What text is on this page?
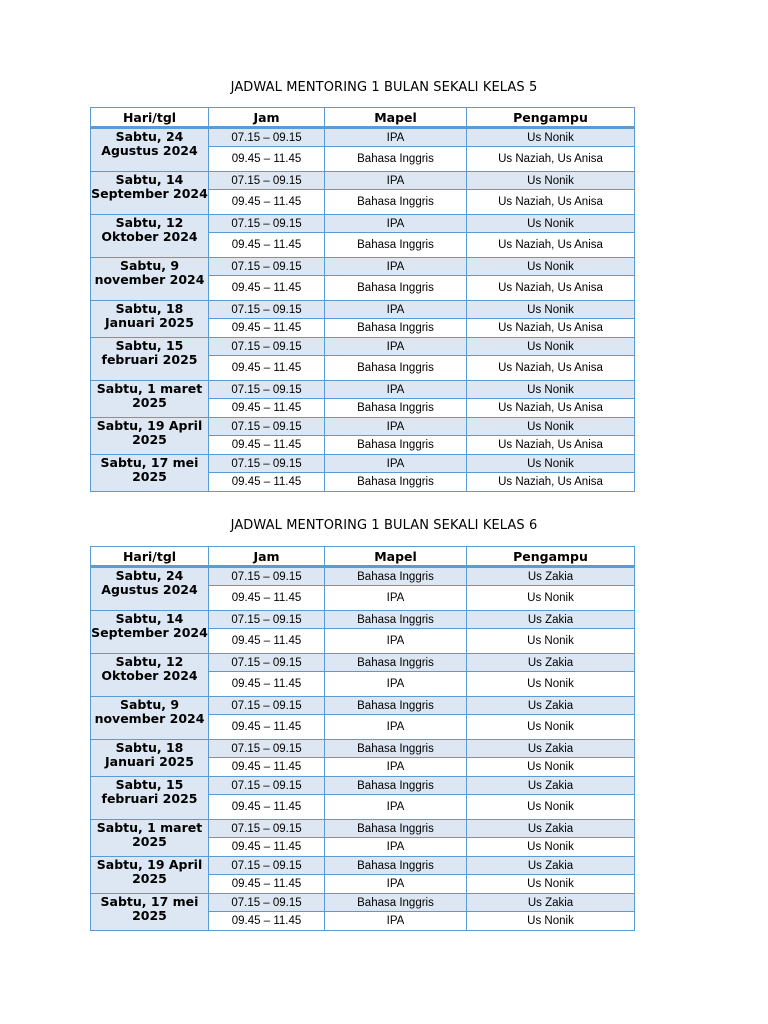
JADWAL MENTORING 1 BULAN SEKALI KELAS 5
Hari/tgl	Jam	Mapel	Pengampu
Sabtu, 24 Agustus 2024	07.15 – 09.15	IPA	Us Nonik
	09.45 – 11.45	Bahasa Inggris	Us Naziah, Us Anisa
Sabtu, 14 September 2024	07.15 – 09.15	IPA	Us Nonik
	09.45 – 11.45	Bahasa Inggris	Us Naziah, Us Anisa
Sabtu, 12 Oktober 2024	07.15 – 09.15	IPA	Us Nonik
	09.45 – 11.45	Bahasa Inggris	Us Naziah, Us Anisa
Sabtu, 9 november 2024	07.15 – 09.15	IPA	Us Nonik
	09.45 – 11.45	Bahasa Inggris	Us Naziah, Us Anisa
Sabtu, 18 Januari 2025	07.15 – 09.15	IPA	Us Nonik
	09.45 – 11.45	Bahasa Inggris	Us Naziah, Us Anisa
Sabtu, 15 februari 2025	07.15 – 09.15	IPA	Us Nonik
	09.45 – 11.45	Bahasa Inggris	Us Naziah, Us Anisa
Sabtu, 1 maret 2025	07.15 – 09.15	IPA	Us Nonik
	09.45 – 11.45	Bahasa Inggris	Us Naziah, Us Anisa
Sabtu, 19 April 2025	07.15 – 09.15	IPA	Us Nonik
	09.45 – 11.45	Bahasa Inggris	Us Naziah, Us Anisa
Sabtu, 17 mei 2025	07.15 – 09.15	IPA	Us Nonik
	09.45 – 11.45	Bahasa Inggris	Us Naziah, Us Anisa
JADWAL MENTORING 1 BULAN SEKALI KELAS 6
Hari/tgl	Jam	Mapel	Pengampu
Sabtu, 24 Agustus 2024	07.15 – 09.15	Bahasa Inggris	Us Zakia
	09.45 – 11.45	IPA	Us Nonik
Sabtu, 14 September 2024	07.15 – 09.15	Bahasa Inggris	Us Zakia
	09.45 – 11.45	IPA	Us Nonik
Sabtu, 12 Oktober 2024	07.15 – 09.15	Bahasa Inggris	Us Zakia
	09.45 – 11.45	IPA	Us Nonik
Sabtu, 9 november 2024	07.15 – 09.15	Bahasa Inggris	Us Zakia
	09.45 – 11.45	IPA	Us Nonik
Sabtu, 18 Januari 2025	07.15 – 09.15	Bahasa Inggris	Us Zakia
	09.45 – 11.45	IPA	Us Nonik
Sabtu, 15 februari 2025	07.15 – 09.15	Bahasa Inggris	Us Zakia
	09.45 – 11.45	IPA	Us Nonik
Sabtu, 1 maret 2025	07.15 – 09.15	Bahasa Inggris	Us Zakia
	09.45 – 11.45	IPA	Us Nonik
Sabtu, 19 April 2025	07.15 – 09.15	Bahasa Inggris	Us Zakia
	09.45 – 11.45	IPA	Us Nonik
Sabtu, 17 mei 2025	07.15 – 09.15	Bahasa Inggris	Us Zakia
	09.45 – 11.45	IPA	Us Nonik
